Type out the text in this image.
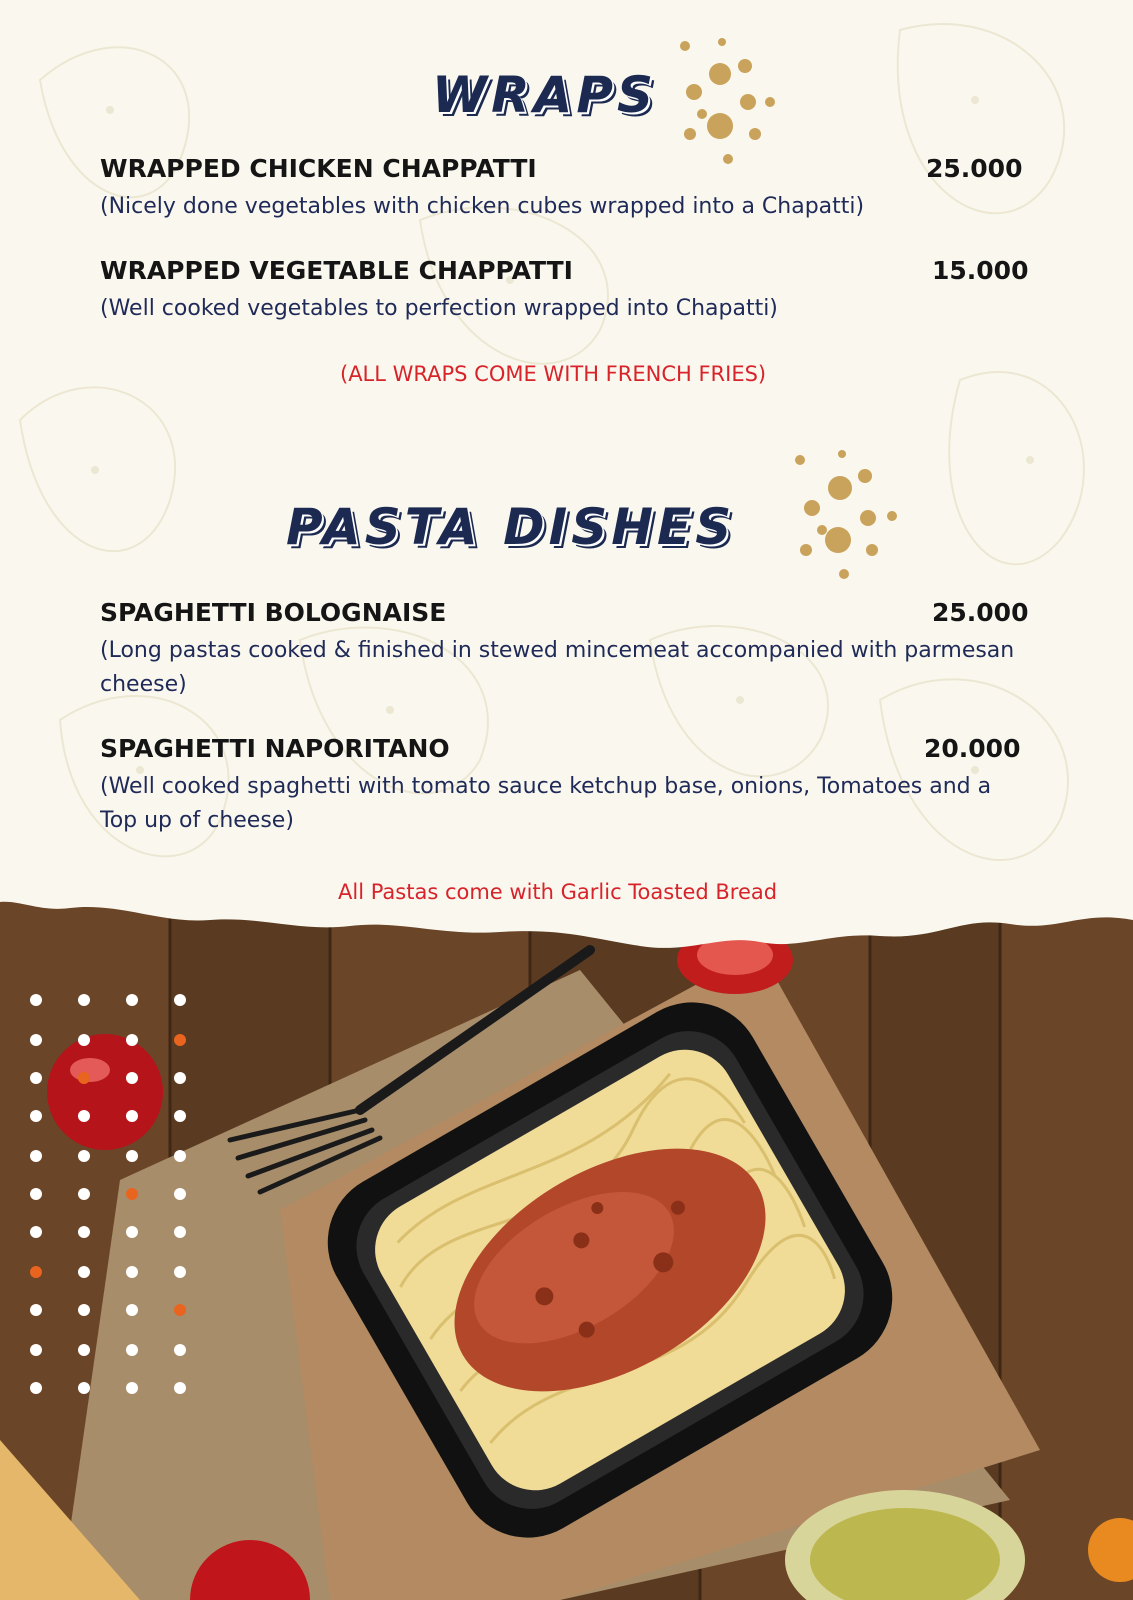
WRAPS
WRAPPED CHICKEN CHAPPATTI	25.000
(Nicely done vegetables with chicken cubes wrapped into a Chapatti)
WRAPPED VEGETABLE CHAPPATTI	15.000
(Well cooked vegetables to perfection wrapped into Chapatti)
(ALL WRAPS COME WITH FRENCH FRIES)
PASTA DISHES
SPAGHETTI BOLOGNAISE	25.000
(Long pastas cooked & finished in stewed mincemeat accompanied with parmesan cheese)
SPAGHETTI NAPORITANO	20.000
(Well cooked spaghetti with tomato sauce ketchup base, onions, Tomatoes and a Top up of cheese)
All Pastas come with Garlic Toasted Bread
